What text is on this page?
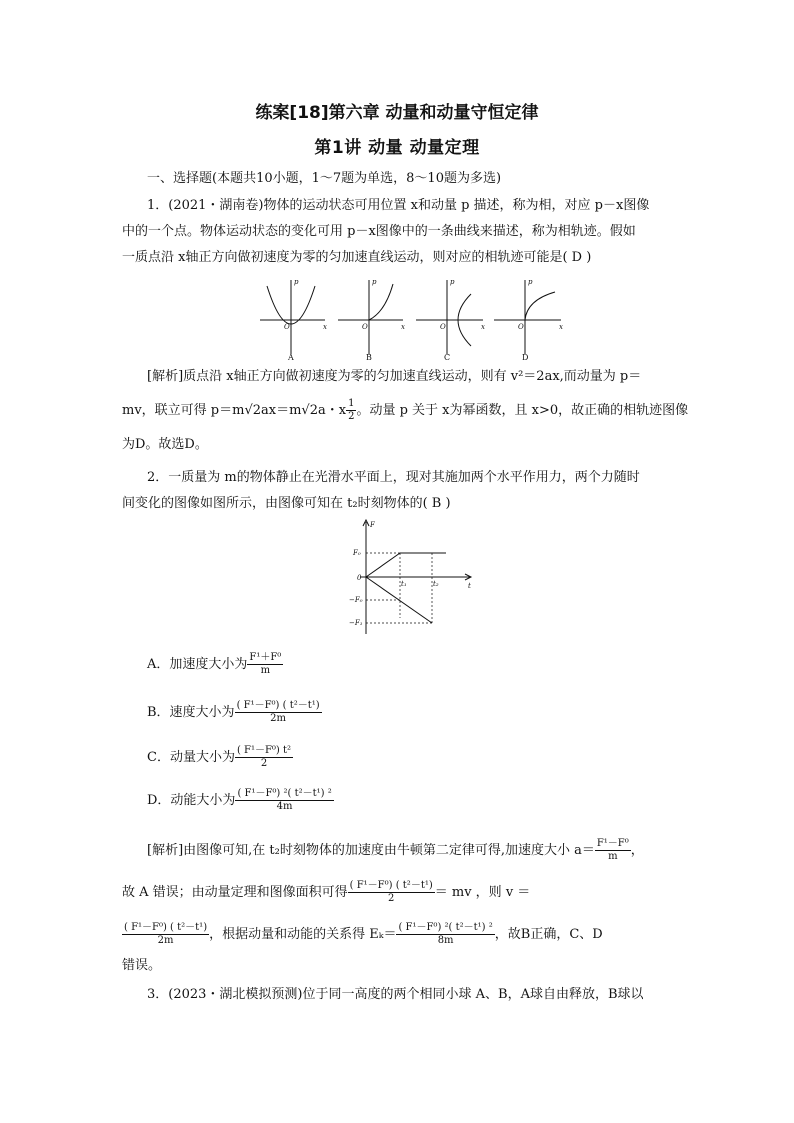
练案[18]第六章 动量和动量守恒定律
第1讲 动量 动量定理
一、选择题(本题共10小题，1～7题为单选，8～10题为多选)
1．(2021・湖南卷)物体的运动状态可用位置 x和动量 p 描述，称为相，对应 p－x图像
中的一个点。物体运动状态的变化可用 p－x图像中的一条曲线来描述，称为相轨迹。假如
一质点沿 x轴正方向做初速度为零的匀加速直线运动，则对应的相轨迹可能是( D )
p
x
O
p
x
O
p
x
O
p
x
O
A	B	C	D
[解析]质点沿 x轴正方向做初速度为零的匀加速直线运动，则有 v²＝2ax,而动量为 p＝
mv，联立可得 p＝m√2ax＝m√2a・x $\frac{1}{2}$ 。动量 p 关于 x为幂函数，且 x>0，故正确的相轨迹图像
为D。故选D。
2．一质量为 m的物体静止在光滑水平面上，现对其施加两个水平作用力，两个力随时
间变化的图像如图所示，由图像可知在 t₂时刻物体的( B )
F
t
F₀
0
−F₀
−F₁
t₁	t₂
A．加速度大小为 $\frac{\text{F¹＋F⁰}}{m}$
B．速度大小为 $\frac{\text{( F¹－F⁰) ( t²－t¹)}}{2m}$
C．动量大小为 $\frac{\text{( F¹－F⁰) t²}}{2}$
D．动能大小为 $\frac{\text{( F¹－F⁰) ²( t²－t¹) ²}}{4m}$
[解析]由图像可知,在 t₂时刻物体的加速度由牛顿第二定律可得,加速度大小 $a= \frac{\text{F¹－F⁰}}{m}$ ，
故 A 错误；由动量定理和图像面积可得 $\frac{\text{( F¹－F⁰) ( t²－t¹)}}{2}$ ＝ mv ，则 v ＝
$\frac{\text{( F¹－F⁰) ( t²－t¹)}}{2m}$ ，根据动量和动能的关系得 $E_k= \frac{\text{( F¹－F⁰) ²( t²－t¹) ²}}{8m}$ ，故B正确，C、D
错误。
3．(2023・湖北模拟预测)位于同一高度的两个相同小球 A、B，A球自由释放，B球以
